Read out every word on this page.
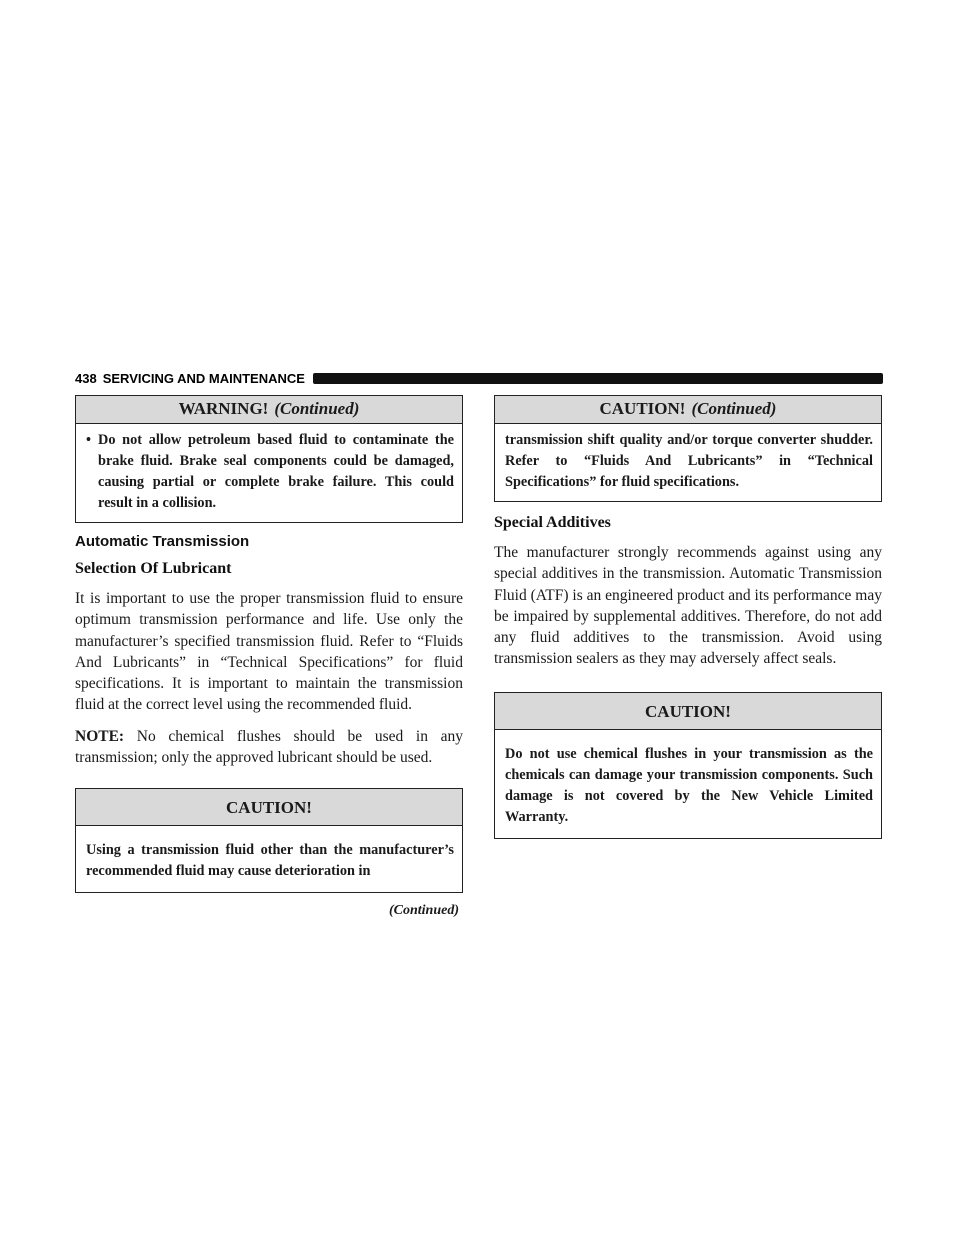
438 SERVICING AND MAINTENANCE
WARNING! (Continued)
• Do not allow petroleum based fluid to contaminate the brake fluid. Brake seal components could be damaged, causing partial or complete brake failure. This could result in a collision.
Automatic Transmission
Selection Of Lubricant

It is important to use the proper transmission fluid to ensure optimum transmission performance and life. Use only the manufacturer’s specified transmission fluid. Refer to “Fluids And Lubricants” in “Technical Specifications” for fluid specifications. It is important to maintain the transmission fluid at the correct level using the recommended fluid.

NOTE: No chemical flushes should be used in any transmission; only the approved lubricant should be used.

CAUTION!
Using a transmission fluid other than the manufacturer’s recommended fluid may cause deterioration in
(Continued)
CAUTION! (Continued)
transmission shift quality and/or torque converter shudder. Refer to “Fluids And Lubricants” in “Technical Specifications” for fluid specifications.
Special Additives

The manufacturer strongly recommends against using any special additives in the transmission. Automatic Transmission Fluid (ATF) is an engineered product and its performance may be impaired by supplemental additives. Therefore, do not add any fluid additives to the transmission. Avoid using transmission sealers as they may adversely affect seals.

CAUTION!
Do not use chemical flushes in your transmission as the chemicals can damage your transmission components. Such damage is not covered by the New Vehicle Limited Warranty.
